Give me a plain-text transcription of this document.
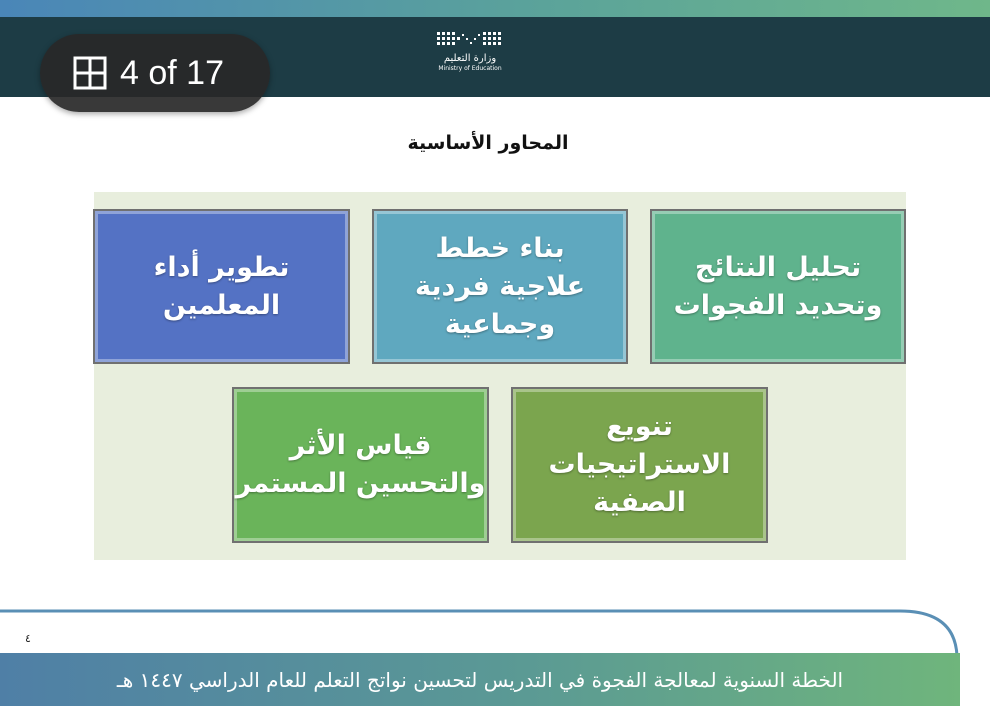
وزارة التعليم
Ministry of Education
4 of 17
المحاور الأساسية
تطوير أداء
المعلمين
بناء خطط
علاجية فردية
وجماعية
تحليل النتائج
وتحديد الفجوات
قياس الأثر
والتحسين المستمر
تنويع
الاستراتيجيات
الصفية
٤
الخطة السنوية لمعالجة الفجوة في التدريس لتحسين نواتج التعلم للعام الدراسي ١٤٤٧ هـ
